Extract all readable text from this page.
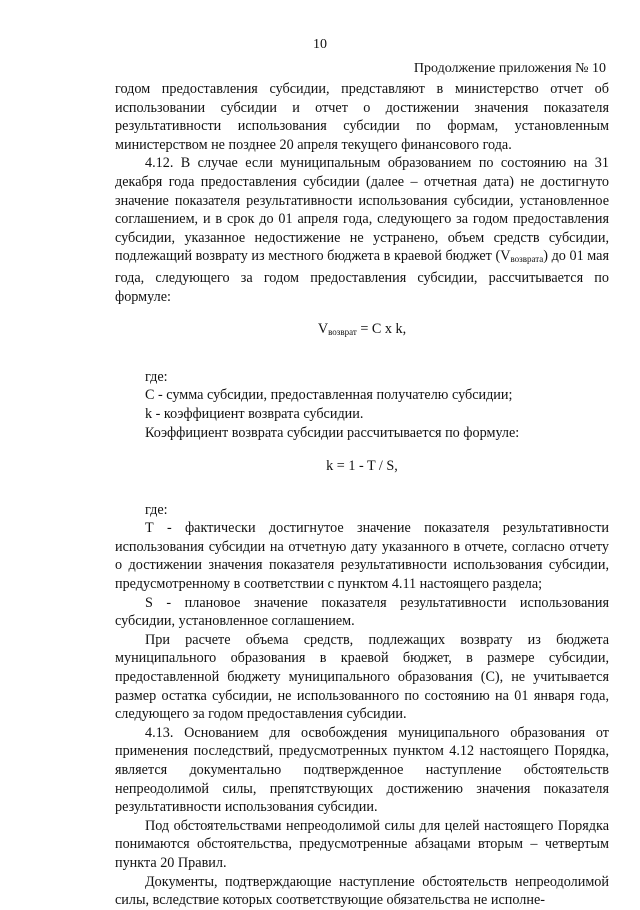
10
Продолжение приложения № 10

годом предоставления субсидии, представляют в министерство отчет об использовании субсидии и отчет о достижении значения показателя результативности использования субсидии по формам, установленным министерством не позднее 20 апреля текущего финансового года.

4.12. В случае если муниципальным образованием по состоянию на 31 декабря года предоставления субсидии (далее – отчетная дата) не достигнуто значение показателя результативности использования субсидии, установленное соглашением, и в срок до 01 апреля года, следующего за годом предоставления субсидии, указанное недостижение не устранено, объем средств субсидии, подлежащий возврату из местного бюджета в краевой бюджет $(V_{возврата})$ до 01 мая года, следующего за годом предоставления субсидии, рассчитывается по формуле:

$V_{возврат} = C$ x k,

где:

С - сумма субсидии, предоставленная получателю субсидии;

k - коэффициент возврата субсидии.

Коэффициент возврата субсидии рассчитывается по формуле:

k = 1 - T / S,

где:

Т - фактически достигнутое значение показателя результативности использования субсидии на отчетную дату указанного в отчете, согласно отчету о достижении значения показателя результативности использования субсидии, предусмотренному в соответствии с пунктом 4.11 настоящего раздела;

S - плановое значение показателя результативности использования субсидии, установленное соглашением.

При расчете объема средств, подлежащих возврату из бюджета муниципального образования в краевой бюджет, в размере субсидии, предоставленной бюджету муниципального образования (С), не учитывается размер остатка субсидии, не использованного по состоянию на 01 января года, следующего за годом предоставления субсидии.

4.13. Основанием для освобождения муниципального образования от применения последствий, предусмотренных пунктом 4.12 настоящего Порядка, является документально подтвержденное наступление обстоятельств непреодолимой силы, препятствующих достижению значения показателя результативности использования субсидии.

Под обстоятельствами непреодолимой силы для целей настоящего Порядка понимаются обстоятельства, предусмотренные абзацами вторым – четвертым пункта 20 Правил.

Документы, подтверждающие наступление обстоятельств непреодолимой силы, вследствие которых соответствующие обязательства не исполне-
